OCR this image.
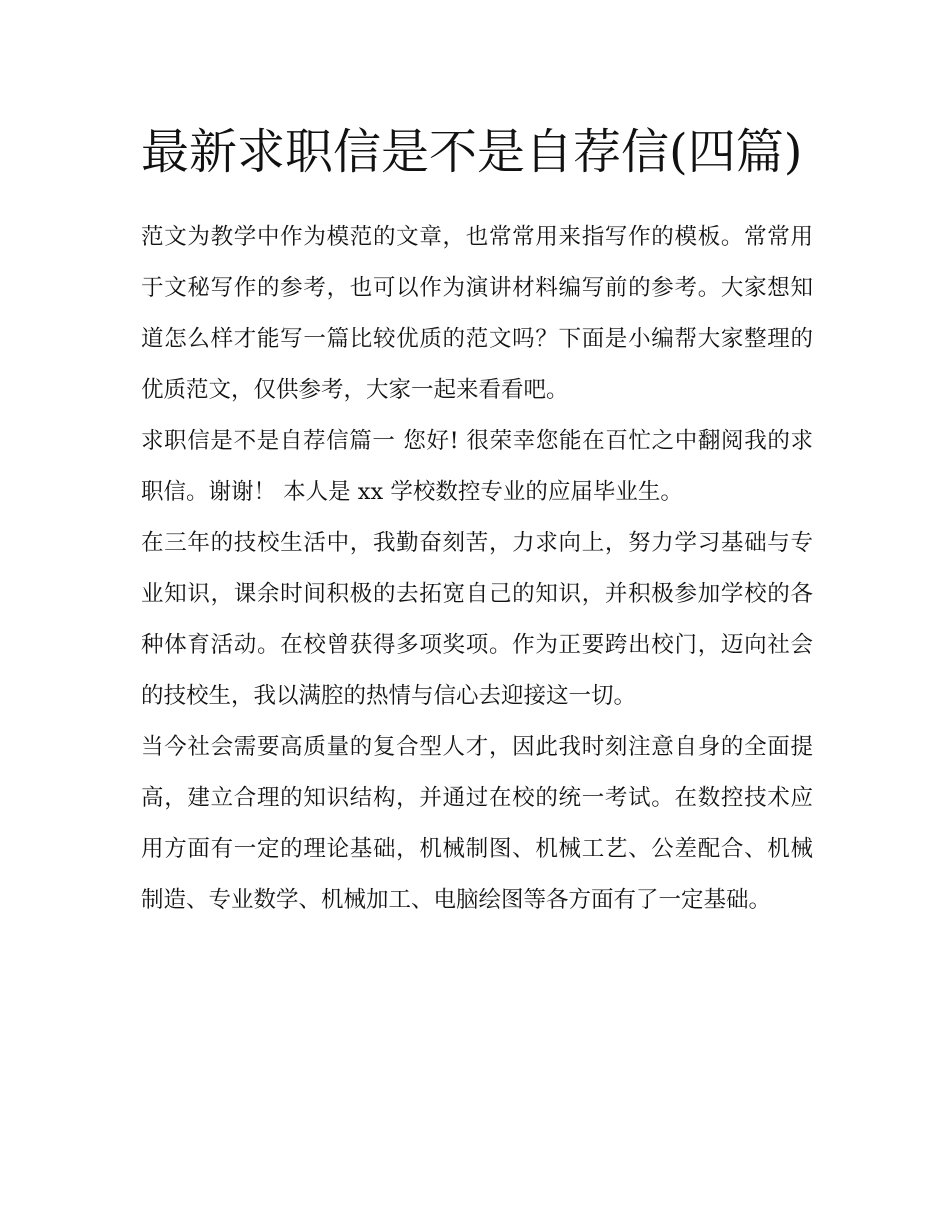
最新求职信是不是自荐信(四篇)

范文为教学中作为模范的文章，也常常用来指写作的模板。常常用于文秘写作的参考，也可以作为演讲材料编写前的参考。大家想知道怎么样才能写一篇比较优质的范文吗？下面是小编帮大家整理的优质范文，仅供参考，大家一起来看看吧。

求职信是不是自荐信篇一 您好! 很荣幸您能在百忙之中翻阅我的求职信。谢谢！ 本人是 xx 学校数控专业的应届毕业生。

在三年的技校生活中，我勤奋刻苦，力求向上，努力学习基础与专业知识，课余时间积极的去拓宽自己的知识，并积极参加学校的各种体育活动。在校曾获得多项奖项。作为正要跨出校门，迈向社会的技校生，我以满腔的热情与信心去迎接这一切。

当今社会需要高质量的复合型人才，因此我时刻注意自身的全面提高，建立合理的知识结构，并通过在校的统一考试。在数控技术应用方面有一定的理论基础，机械制图、机械工艺、公差配合、机械制造、专业数学、机械加工、电脑绘图等各方面有了一定基础。
